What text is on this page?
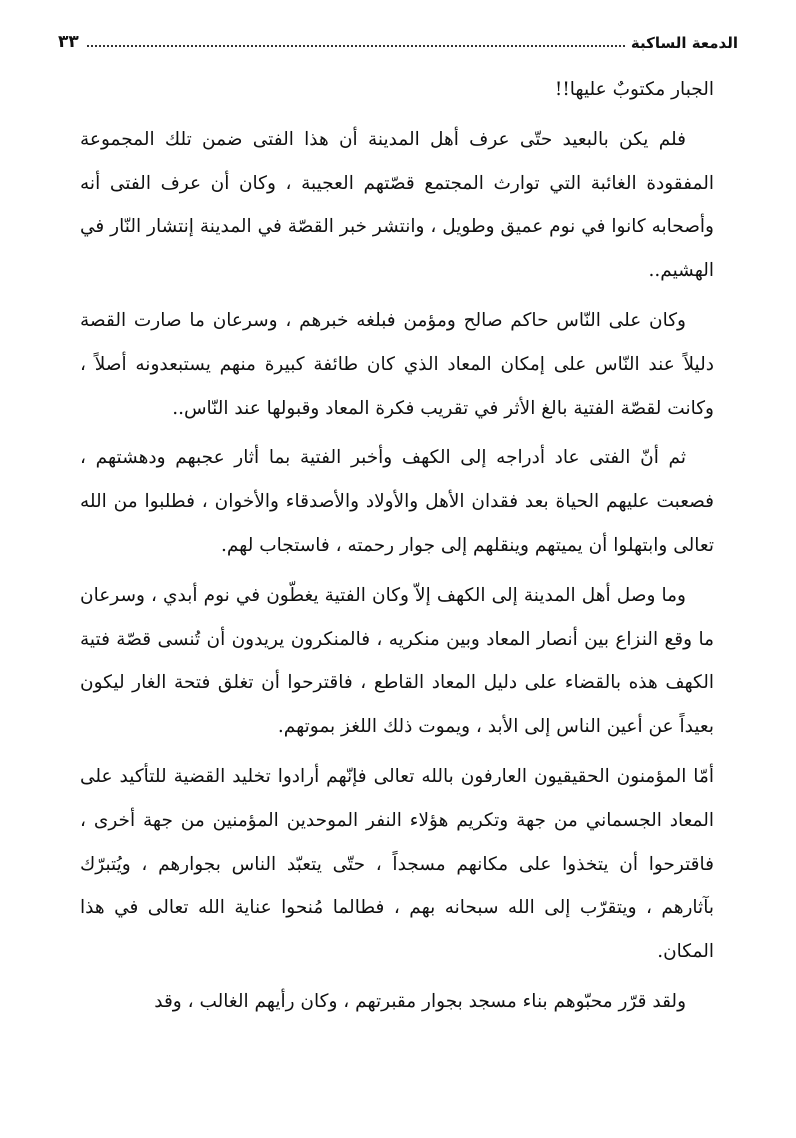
الدمعة الساكبة
٣٣

الجبار مكتوبٌ عليها!!

فلم يكن بالبعيد حتّى عرف أهل المدينة أن هذا الفتى ضمن تلك المجموعة المفقودة الغائبة التي توارث المجتمع قصّتهم العجيبة ، وكان أن عرف الفتى أنه وأصحابه كانوا في نوم عميق وطويل ، وانتشر خبر القصّة في المدينة إنتشار النّار في الهشيم..

وكان على النّاس حاكم صالح ومؤمن فبلغه خبرهم ، وسرعان ما صارت القصة دليلاً عند النّاس على إمكان المعاد الذي كان طائفة كبيرة منهم يستبعدونه أصلاً ، وكانت لقصّة الفتية بالغ الأثر في تقريب فكرة المعاد وقبولها عند النّاس..

ثم أنّ الفتى عاد أدراجه إلى الكهف وأخبر الفتية بما أثار عجبهم ودهشتهم ، فصعبت عليهم الحياة بعد فقدان الأهل والأولاد والأصدقاء والأخوان ، فطلبوا من الله تعالى وابتهلوا أن يميتهم وينقلهم إلى جوار رحمته ، فاستجاب لهم.

وما وصل أهل المدينة إلى الكهف إلاّ وكان الفتية يغطّون في نوم أبدي ، وسرعان ما وقع النزاع بين أنصار المعاد وبين منكريه ، فالمنكرون يريدون أن تُنسى قصّة فتية الكهف هذه بالقضاء على دليل المعاد القاطع ، فاقترحوا أن تغلق فتحة الغار ليكون بعيداً عن أعين الناس إلى الأبد ، ويموت ذلك اللغز بموتهم.

أمّا المؤمنون الحقيقيون العارفون بالله تعالى فإنّهم أرادوا تخليد القضية للتأكيد على المعاد الجسماني من جهة وتكريم هؤلاء النفر الموحدين المؤمنين من جهة أخرى ، فاقترحوا أن يتخذوا على مكانهم مسجداً ، حتّى يتعبّد الناس بجوارهم ، ويُتبرّك بآثارهم ، ويتقرّب إلى الله سبحانه بهم ، فطالما مُنحوا عناية الله تعالى في هذا المكان.

ولقد قرّر محبّوهم بناء مسجد بجوار مقبرتهم ، وكان رأيهم الغالب ، وقد
